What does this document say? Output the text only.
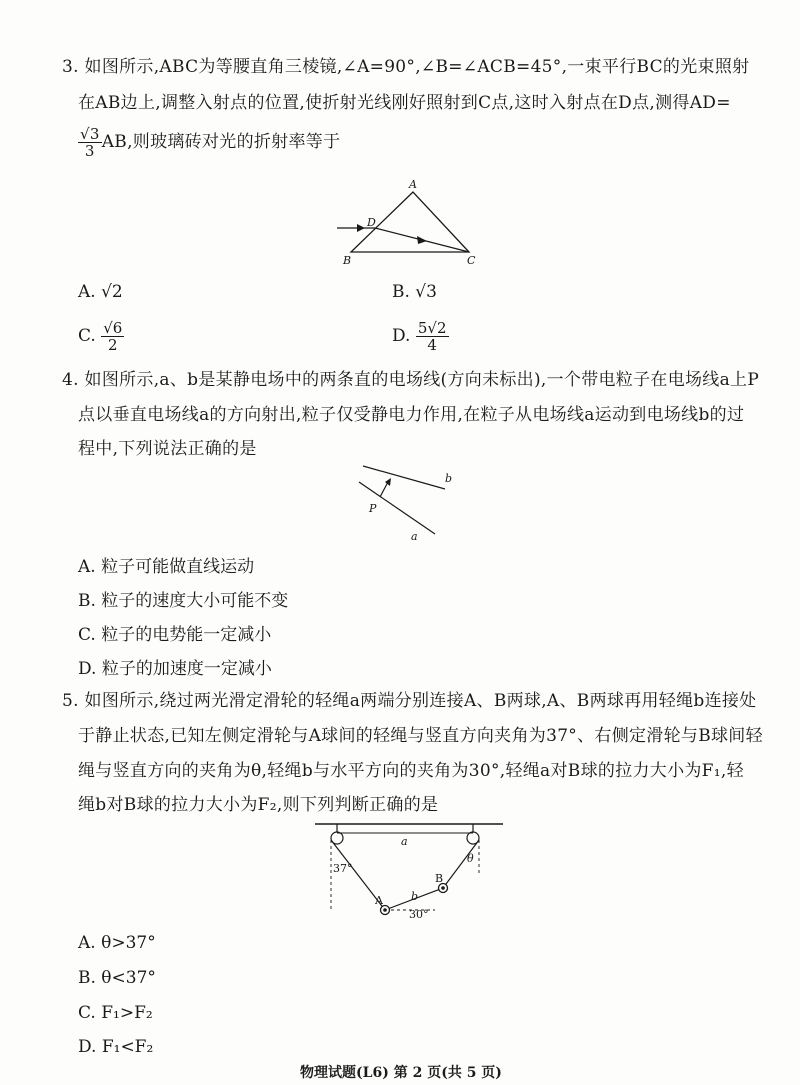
3. 如图所示,ABC为等腰直角三棱镜,∠A=90°,∠B=∠ACB=45°,一束平行BC的光束照射
在AB边上,调整入射点的位置,使折射光线刚好照射到C点,这时入射点在D点,测得AD=
$\frac{√3}{3}$ AB,则玻璃砖对光的折射率等于
A
D
B	C
A. √2	B. √3
C. $\frac{√6}{2}$	D. $\frac{5√2}{4}$
4. 如图所示,a、b是某静电场中的两条直的电场线(方向未标出),一个带电粒子在电场线a上P
点以垂直电场线a的方向射出,粒子仅受静电力作用,在粒子从电场线a运动到电场线b的过
程中,下列说法正确的是
b
a
P
A. 粒子可能做直线运动
B. 粒子的速度大小可能不变
C. 粒子的电势能一定减小
D. 粒子的加速度一定减小
5. 如图所示,绕过两光滑定滑轮的轻绳a两端分别连接A、B两球,A、B两球再用轻绳b连接处
于静止状态,已知左侧定滑轮与A球间的轻绳与竖直方向夹角为37°、右侧定滑轮与B球间轻
绳与竖直方向的夹角为θ,轻绳b与水平方向的夹角为30°,轻绳a对B球的拉力大小为F₁,轻
绳b对B球的拉力大小为F₂,则下列判断正确的是
a
37°
θ
A
B
b
30°
A. θ>37°
B. θ<37°
C. F₁>F₂
D. F₁<F₂
物理试题(L6) 第 2 页(共 5 页)
